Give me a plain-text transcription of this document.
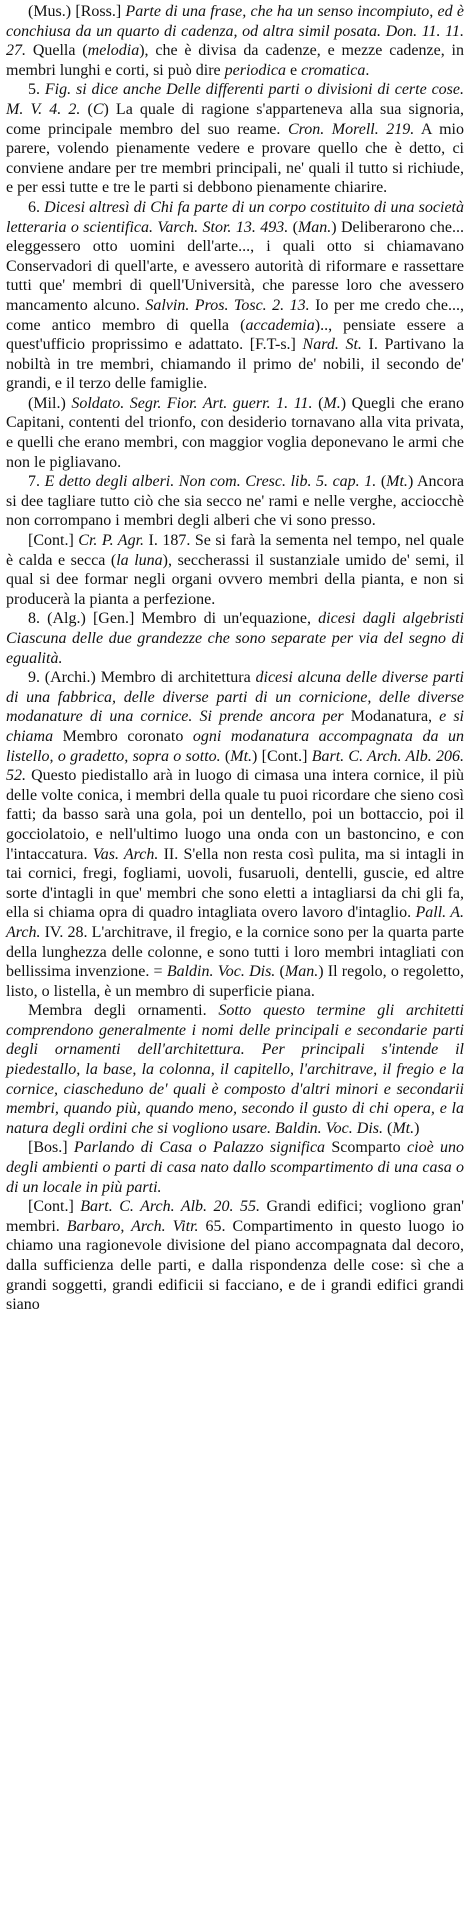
(Mus.) [Ross.] Parte di una frase, che ha un senso incompiuto, ed è conchiusa da un quarto di cadenza, od altra simil posata. Don. 11. 11. 27. Quella (melodia), che è divisa da cadenze, e mezze cadenze, in membri lunghi e corti, si può dire periodica e cromatica.

5. Fig. si dice anche Delle differenti parti o divisioni di certe cose. M. V. 4. 2. (C) La quale di ragione s'apparteneva alla sua signoria, come principale membro del suo reame. Cron. Morell. 219. A mio parere, volendo pienamente vedere e provare quello che è detto, ci conviene andare per tre membri principali, ne' quali il tutto si richiude, e per essi tutte e tre le parti si debbono pienamente chiarire.

6. Dicesi altresì di Chi fa parte di un corpo costituito di una società letteraria o scientifica. Varch. Stor. 13. 493. (Man.) Deliberarono che... eleggessero otto uomini dell'arte..., i quali otto si chiamavano Conservadori di quell'arte, e avessero autorità di riformare e rassettare tutti que' membri di quell'Università, che paresse loro che avessero mancamento alcuno. Salvin. Pros. Tosc. 2. 13. Io per me credo che..., come antico membro di quella (accademia).., pensiate essere a quest'ufficio proprissimo e adattato. [F.T-s.] Nard. St. I. Partivano la nobiltà in tre membri, chiamando il primo de' nobili, il secondo de' grandi, e il terzo delle famiglie.

(Mil.) Soldato. Segr. Fior. Art. guerr. 1. 11. (M.) Quegli che erano Capitani, contenti del trionfo, con desiderio tornavano alla vita privata, e quelli che erano membri, con maggior voglia deponevano le armi che non le pigliavano.

7. E detto degli alberi. Non com. Cresc. lib. 5. cap. 1. (Mt.) Ancora si dee tagliare tutto ciò che sia secco ne' rami e nelle verghe, acciocchè non corrompano i membri degli alberi che vi sono presso.

[Cont.] Cr. P. Agr. I. 187. Se si farà la sementa nel tempo, nel quale è calda e secca (la luna), seccherassi il sustanziale umido de' semi, il qual si dee formar negli organi ovvero membri della pianta, e non si producerà la pianta a perfezione.

8. (Alg.) [Gen.] Membro di un'equazione, dicesi dagli algebristi Ciascuna delle due grandezze che sono separate per via del segno di egualità.

9. (Archi.) Membro di architettura dicesi alcuna delle diverse parti di una fabbrica, delle diverse parti di un cornicione, delle diverse modanature di una cornice. Si prende ancora per Modanatura, e si chiama Membro coronato ogni modanatura accompagnata da un listello, o gradetto, sopra o sotto. (Mt.) [Cont.] Bart. C. Arch. Alb. 206. 52. Questo piedistallo arà in luogo di cimasa una intera cornice, il più delle volte conica, i membri della quale tu puoi ricordare che sieno così fatti; da basso sarà una gola, poi un dentello, poi un bottaccio, poi il gocciolatoio, e nell'ultimo luogo una onda con un bastoncino, e con l'intaccatura. Vas. Arch. II. S'ella non resta così pulita, ma si intagli in tai cornici, fregi, fogliami, uovoli, fusaruoli, dentelli, guscie, ed altre sorte d'intagli in que' membri che sono eletti a intagliarsi da chi gli fa, ella si chiama opra di quadro intagliata overo lavoro d'intaglio. Pall. A. Arch. IV. 28. L'architrave, il fregio, e la cornice sono per la quarta parte della lunghezza delle colonne, e sono tutti i loro membri intagliati con bellissima invenzione. = Baldin. Voc. Dis. (Man.) Il regolo, o regoletto, listo, o listella, è un membro di superficie piana.

Membra degli ornamenti. Sotto questo termine gli architetti comprendono generalmente i nomi delle principali e secondarie parti degli ornamenti dell'architettura. Per principali s'intende il piedestallo, la base, la colonna, il capitello, l'architrave, il fregio e la cornice, ciascheduno de' quali è composto d'altri minori e secondarii membri, quando più, quando meno, secondo il gusto di chi opera, e la natura degli ordini che si vogliono usare. Baldin. Voc. Dis. (Mt.)

[Bos.] Parlando di Casa o Palazzo significa Scomparto cioè uno degli ambienti o parti di casa nato dallo scompartimento di una casa o di un locale in più parti.

[Cont.] Bart. C. Arch. Alb. 20. 55. Grandi edifici; vogliono gran' membri. Barbaro, Arch. Vitr. 65. Compartimento in questo luogo io chiamo una ragionevole divisione del piano accompagnata dal decoro, dalla sufficienza delle parti, e dalla rispondenza delle cose: sì che a grandi soggetti, grandi edificii si facciano, e de i grandi edifici grandi siano
